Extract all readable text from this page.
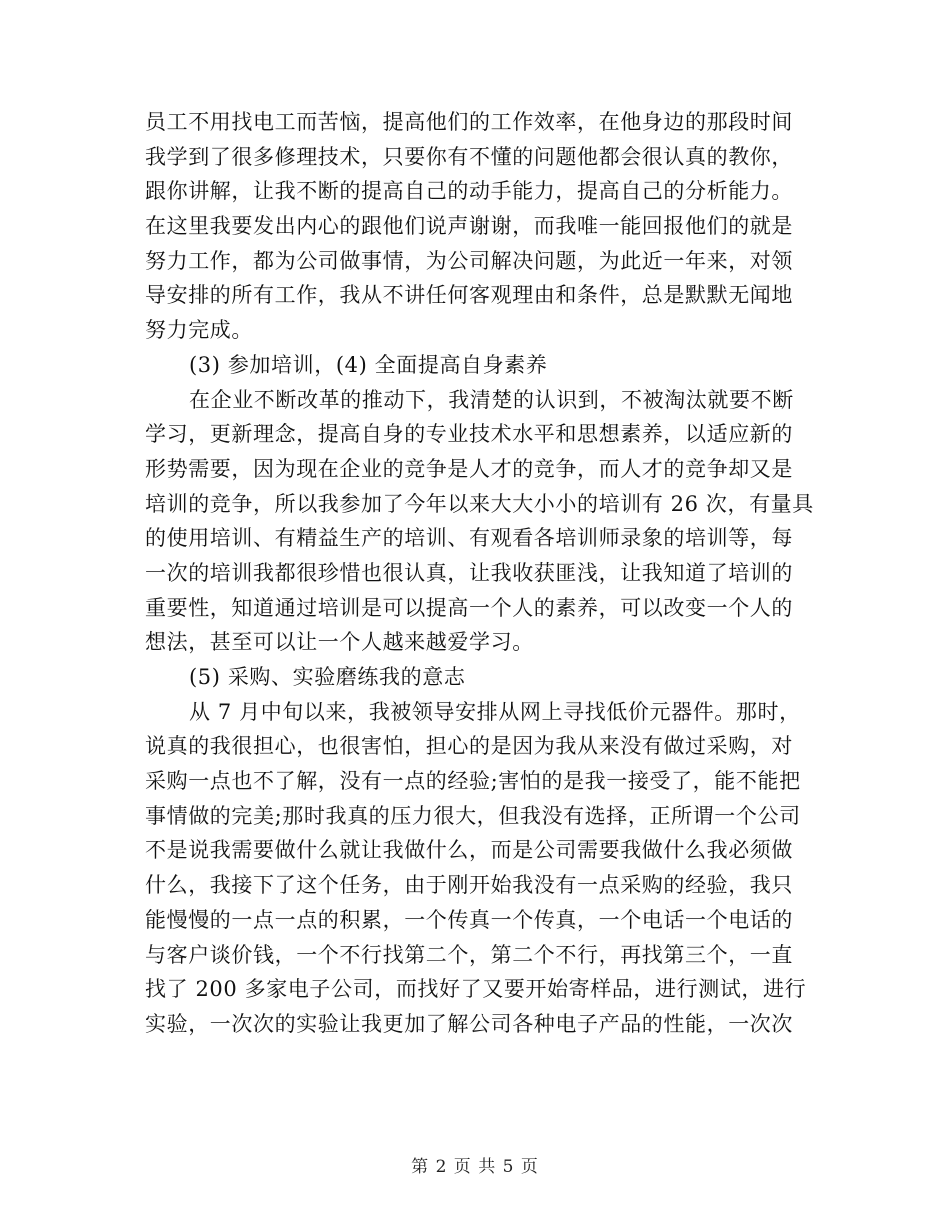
员工不用找电工而苦恼，提高他们的工作效率，在他身边的那段时间
我学到了很多修理技术，只要你有不懂的问题他都会很认真的教你，
跟你讲解，让我不断的提高自己的动手能力，提高自己的分析能力。
在这里我要发出内心的跟他们说声谢谢，而我唯一能回报他们的就是
努力工作，都为公司做事情，为公司解决问题，为此近一年来，对领
导安排的所有工作，我从不讲任何客观理由和条件，总是默默无闻地
努力完成。
(3) 参加培训，(4) 全面提高自身素养
在企业不断改革的推动下，我清楚的认识到，不被淘汰就要不断
学习，更新理念，提高自身的专业技术水平和思想素养，以适应新的
形势需要，因为现在企业的竞争是人才的竞争，而人才的竞争却又是
培训的竞争，所以我参加了今年以来大大小小的培训有 26 次，有量具
的使用培训、有精益生产的培训、有观看各培训师录象的培训等，每
一次的培训我都很珍惜也很认真，让我收获匪浅，让我知道了培训的
重要性，知道通过培训是可以提高一个人的素养，可以改变一个人的
想法，甚至可以让一个人越来越爱学习。
(5) 采购、实验磨练我的意志
从 7 月中旬以来，我被领导安排从网上寻找低价元器件。那时，
说真的我很担心，也很害怕，担心的是因为我从来没有做过采购，对
采购一点也不了解，没有一点的经验;害怕的是我一接受了，能不能把
事情做的完美;那时我真的压力很大，但我没有选择，正所谓一个公司
不是说我需要做什么就让我做什么，而是公司需要我做什么我必须做
什么，我接下了这个任务，由于刚开始我没有一点采购的经验，我只
能慢慢的一点一点的积累，一个传真一个传真，一个电话一个电话的
与客户谈价钱，一个不行找第二个，第二个不行，再找第三个，一直
找了 200 多家电子公司，而找好了又要开始寄样品，进行测试，进行
实验，一次次的实验让我更加了解公司各种电子产品的性能，一次次
第 2 页 共 5 页
